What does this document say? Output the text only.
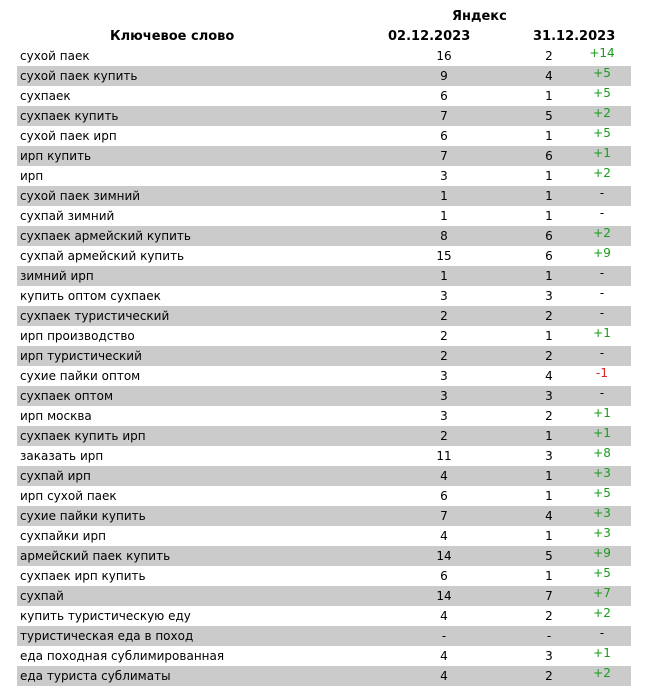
Яндекс
Ключевое слово	02.12.2023	31.12.2023
сухой паек	16	2	+14
сухой паек купить	9	4	+5
сухпаек	6	1	+5
сухпаек купить	7	5	+2
сухой паек ирп	6	1	+5
ирп купить	7	6	+1
ирп	3	1	+2
сухой паек зимний	1	1	-
сухпай зимний	1	1	-
сухпаек армейский купить	8	6	+2
сухпай армейский купить	15	6	+9
зимний ирп	1	1	-
купить оптом сухпаек	3	3	-
сухпаек туристический	2	2	-
ирп производство	2	1	+1
ирп туристический	2	2	-
сухие пайки оптом	3	4	-1
сухпаек оптом	3	3	-
ирп москва	3	2	+1
сухпаек купить ирп	2	1	+1
заказать ирп	11	3	+8
сухпай ирп	4	1	+3
ирп сухой паек	6	1	+5
сухие пайки купить	7	4	+3
сухпайки ирп	4	1	+3
армейский паек купить	14	5	+9
сухпаек ирп купить	6	1	+5
сухпай	14	7	+7
купить туристическую еду	4	2	+2
туристическая еда в поход	-	-	-
еда походная сублимированная	4	3	+1
еда туриста сублиматы	4	2	+2
